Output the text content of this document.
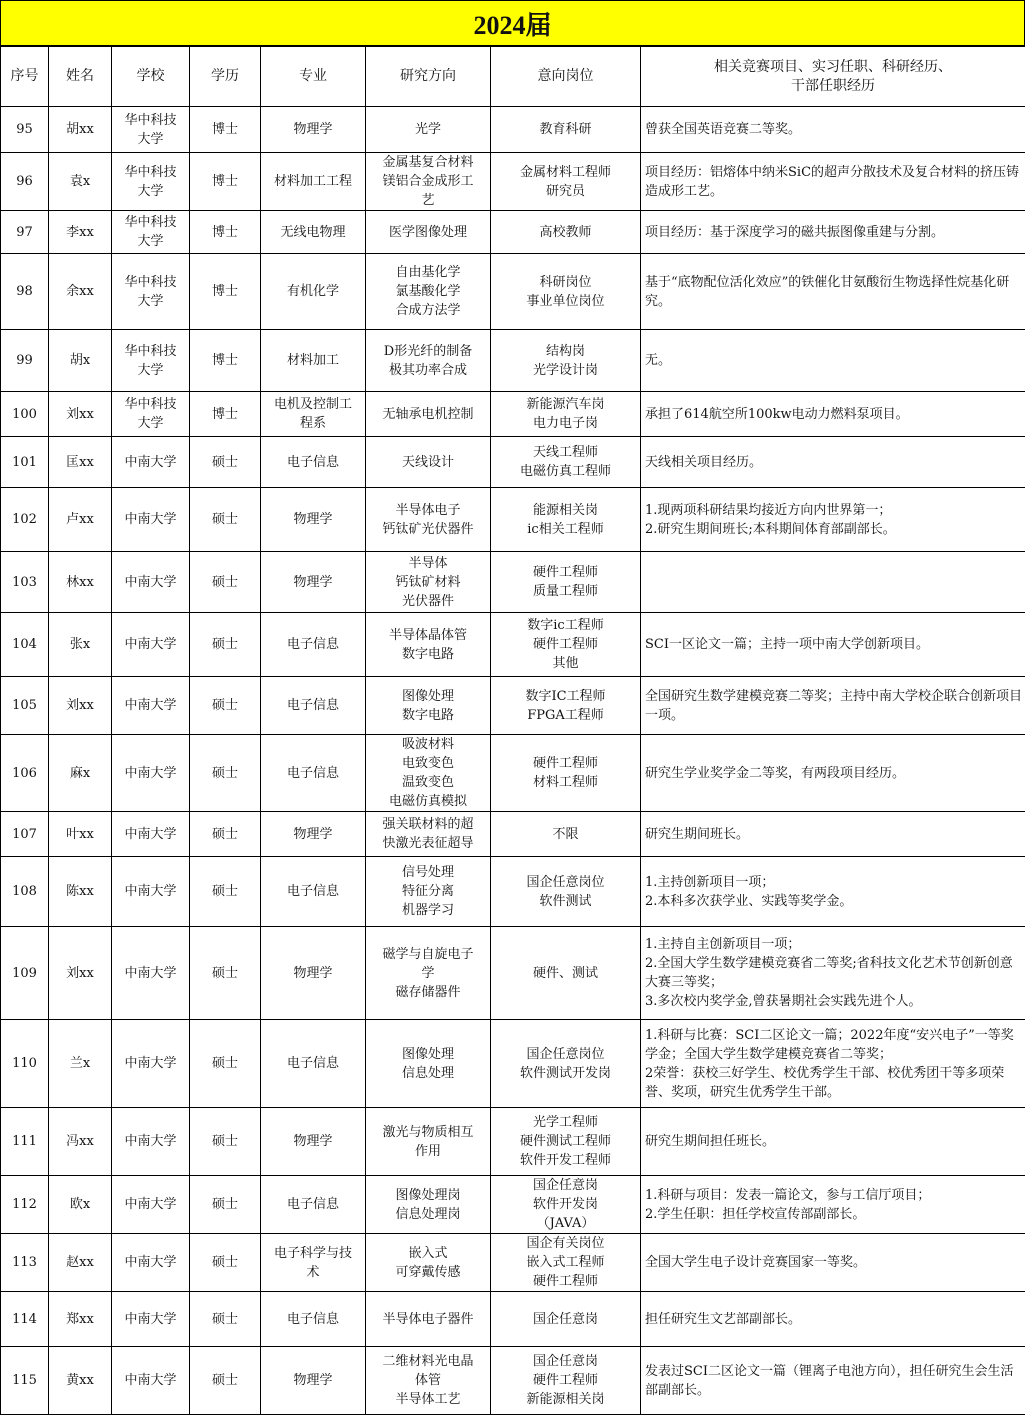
2024届
序号	姓名	学校	学历	专业	研究方向	意向岗位	相关竞赛项目、实习任职、科研经历、
干部任职经历

95	胡xx	华中科技
大学	博士	物理学	光学	教育科研	曾获全国英语竞赛二等奖。

96	袁x	华中科技
大学	博士	材料加工工程	金属基复合材料
镁铝合金成形工
艺	金属材料工程师
研究员	项目经历：铝熔体中纳米SiC的超声分散技术及复合材料的挤压铸造成形工艺。

97	李xx	华中科技
大学	博士	无线电物理	医学图像处理	高校教师	项目经历：基于深度学习的磁共振图像重建与分割。

98	余xx	华中科技
大学	博士	有机化学	自由基化学
氯基酸化学
合成方法学	科研岗位
事业单位岗位	基于“底物配位活化效应”的铁催化甘氨酸衍生物选择性烷基化研究。

99	胡x	华中科技
大学	博士	材料加工	D形光纤的制备
极其功率合成	结构岗
光学设计岗	无。

100	刘xx	华中科技
大学	博士	电机及控制工
程系	无轴承电机控制	新能源汽车岗
电力电子岗	承担了614航空所100kw电动力燃料泵项目。

101	匡xx	中南大学	硕士	电子信息	天线设计	天线工程师
电磁仿真工程师	天线相关项目经历。

102	卢xx	中南大学	硕士	物理学	半导体电子
钙钛矿光伏器件	能源相关岗
ic相关工程师	1.现两项科研结果均接近方向内世界第一；
2.研究生期间班长;本科期间体育部副部长。

103	林xx	中南大学	硕士	物理学	半导体
钙钛矿材料
光伏器件	硬件工程师
质量工程师	

104	张x	中南大学	硕士	电子信息	半导体晶体管
数字电路	数字ic工程师
硬件工程师
其他	SCI一区论文一篇；主持一项中南大学创新项目。

105	刘xx	中南大学	硕士	电子信息	图像处理
数字电路	数字IC工程师
FPGA工程师	全国研究生数学建模竞赛二等奖；主持中南大学校企联合创新项目一项。

106	麻x	中南大学	硕士	电子信息	吸波材料
电致变色
温致变色
电磁仿真模拟	硬件工程师
材料工程师	研究生学业奖学金二等奖，有两段项目经历。

107	叶xx	中南大学	硕士	物理学	强关联材料的超
快激光表征超导	不限	研究生期间班长。

108	陈xx	中南大学	硕士	电子信息	信号处理
特征分离
机器学习	国企任意岗位
软件测试	1.主持创新项目一项；
2.本科多次获学业、实践等奖学金。

109	刘xx	中南大学	硕士	物理学	磁学与自旋电子
学
磁存储器件	硬件、测试	1.主持自主创新项目一项；
2.全国大学生数学建模竞赛省二等奖;省科技文化艺术节创新创意大赛三等奖；
3.多次校内奖学金,曾获暑期社会实践先进个人。

110	兰x	中南大学	硕士	电子信息	图像处理
信息处理	国企任意岗位
软件测试开发岗	1.科研与比赛：SCI二区论文一篇；2022年度“安兴电子”一等奖学金；全国大学生数学建模竞赛省二等奖；
2荣誉：获校三好学生、校优秀学生干部、校优秀团干等多项荣誉、奖项，研究生优秀学生干部。

111	冯xx	中南大学	硕士	物理学	激光与物质相互
作用	光学工程师
硬件测试工程师
软件开发工程师	研究生期间担任班长。

112	欧x	中南大学	硕士	电子信息	图像处理岗
信息处理岗	国企任意岗
软件开发岗
（JAVA）	1.科研与项目：发表一篇论文，参与工信厅项目；
2.学生任职：担任学校宣传部副部长。

113	赵xx	中南大学	硕士	电子科学与技
术	嵌入式
可穿戴传感	国企有关岗位
嵌入式工程师
硬件工程师	全国大学生电子设计竞赛国家一等奖。

114	郑xx	中南大学	硕士	电子信息	半导体电子器件	国企任意岗	担任研究生文艺部副部长。

115	黄xx	中南大学	硕士	物理学	二维材料光电晶
体管
半导体工艺	国企任意岗
硬件工程师
新能源相关岗	发表过SCI二区论文一篇（锂离子电池方向），担任研究生会生活部副部长。
